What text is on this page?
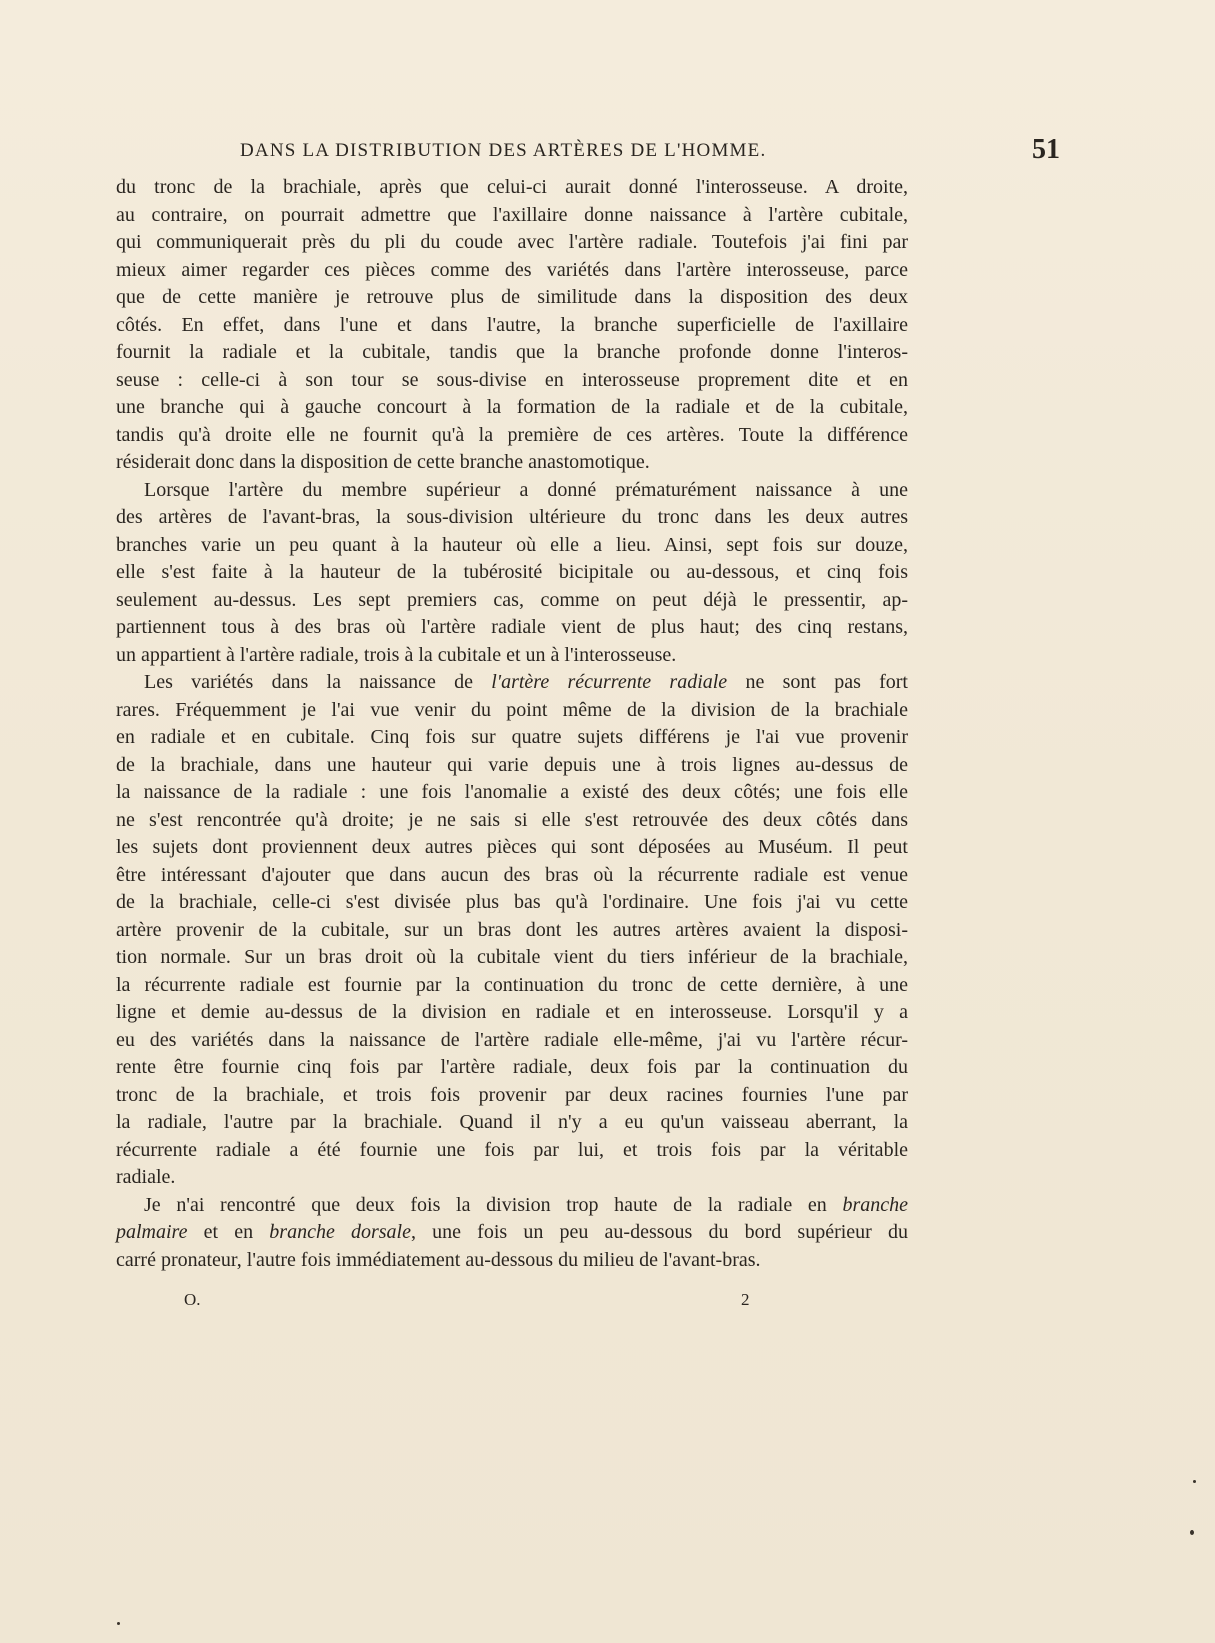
DANS LA DISTRIBUTION DES ARTÈRES DE L'HOMME.	51
du tronc de la brachiale, après que celui-ci aurait donné l'interosseuse. A droite,
au contraire, on pourrait admettre que l'axillaire donne naissance à l'artère cubitale,
qui communiquerait près du pli du coude avec l'artère radiale. Toutefois j'ai fini par
mieux aimer regarder ces pièces comme des variétés dans l'artère interosseuse, parce
que de cette manière je retrouve plus de similitude dans la disposition des deux
côtés. En effet, dans l'une et dans l'autre, la branche superficielle de l'axillaire
fournit la radiale et la cubitale, tandis que la branche profonde donne l'interos-
seuse : celle-ci à son tour se sous-divise en interosseuse proprement dite et en
une branche qui à gauche concourt à la formation de la radiale et de la cubitale,
tandis qu'à droite elle ne fournit qu'à la première de ces artères. Toute la différence
résiderait donc dans la disposition de cette branche anastomotique.
Lorsque l'artère du membre supérieur a donné prématurément naissance à une
des artères de l'avant-bras, la sous-division ultérieure du tronc dans les deux autres
branches varie un peu quant à la hauteur où elle a lieu. Ainsi, sept fois sur douze,
elle s'est faite à la hauteur de la tubérosité bicipitale ou au-dessous, et cinq fois
seulement au-dessus. Les sept premiers cas, comme on peut déjà le pressentir, ap-
partiennent tous à des bras où l'artère radiale vient de plus haut; des cinq restans,
un appartient à l'artère radiale, trois à la cubitale et un à l'interosseuse.
Les variétés dans la naissance de l'artère récurrente radiale ne sont pas fort
rares. Fréquemment je l'ai vue venir du point même de la division de la brachiale
en radiale et en cubitale. Cinq fois sur quatre sujets différens je l'ai vue provenir
de la brachiale, dans une hauteur qui varie depuis une à trois lignes au-dessus de
la naissance de la radiale : une fois l'anomalie a existé des deux côtés; une fois elle
ne s'est rencontrée qu'à droite; je ne sais si elle s'est retrouvée des deux côtés dans
les sujets dont proviennent deux autres pièces qui sont déposées au Muséum. Il peut
être intéressant d'ajouter que dans aucun des bras où la récurrente radiale est venue
de la brachiale, celle-ci s'est divisée plus bas qu'à l'ordinaire. Une fois j'ai vu cette
artère provenir de la cubitale, sur un bras dont les autres artères avaient la disposi-
tion normale. Sur un bras droit où la cubitale vient du tiers inférieur de la brachiale,
la récurrente radiale est fournie par la continuation du tronc de cette dernière, à une
ligne et demie au-dessus de la division en radiale et en interosseuse. Lorsqu'il y a
eu des variétés dans la naissance de l'artère radiale elle-même, j'ai vu l'artère récur-
rente être fournie cinq fois par l'artère radiale, deux fois par la continuation du
tronc de la brachiale, et trois fois provenir par deux racines fournies l'une par
la radiale, l'autre par la brachiale. Quand il n'y a eu qu'un vaisseau aberrant, la
récurrente radiale a été fournie une fois par lui, et trois fois par la véritable
radiale.
Je n'ai rencontré que deux fois la division trop haute de la radiale en branche
palmaire et en branche dorsale, une fois un peu au-dessous du bord supérieur du
carré pronateur, l'autre fois immédiatement au-dessous du milieu de l'avant-bras.
O.	2
